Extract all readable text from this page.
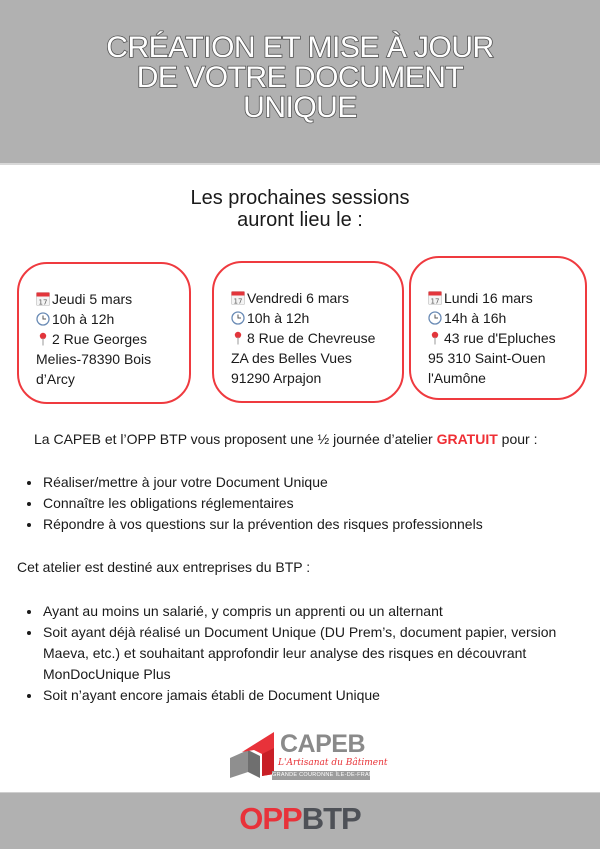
CRÉATION ET MISE À JOUR
DE VOTRE DOCUMENT
UNIQUE
Les prochaines sessions
auront lieu le :
17 Jeudi 5 mars
10h à 12h
2 Rue Georges
Melies-78390 Bois
d’Arcy
17 Vendredi 6 mars
10h à 12h
8 Rue de Chevreuse
ZA des Belles Vues
91290 Arpajon
17 Lundi 16 mars
14h à 16h
43 rue d'Epluches
95 310 Saint-Ouen
l'Aumône

La CAPEB et l’OPP BTP vous proposent une ½ journée d’atelier GRATUIT pour :

Réaliser/mettre à jour votre Document Unique
Connaître les obligations réglementaires
Répondre à vos questions sur la prévention des risques professionnels

Cet atelier est destiné aux entreprises du BTP :

Ayant au moins un salarié, y compris un apprenti ou un alternant
Soit ayant déjà réalisé un Document Unique (DU Prem’s, document papier, version Maeva, etc.) et souhaitant approfondir leur analyse des risques en découvrant MonDocUnique Plus
Soit n’ayant encore jamais établi de Document Unique
CAPEB
L'Artisanat du Bâtiment
GRANDE COURONNE ÎLE-DE-FRANCE
OPPBTP
